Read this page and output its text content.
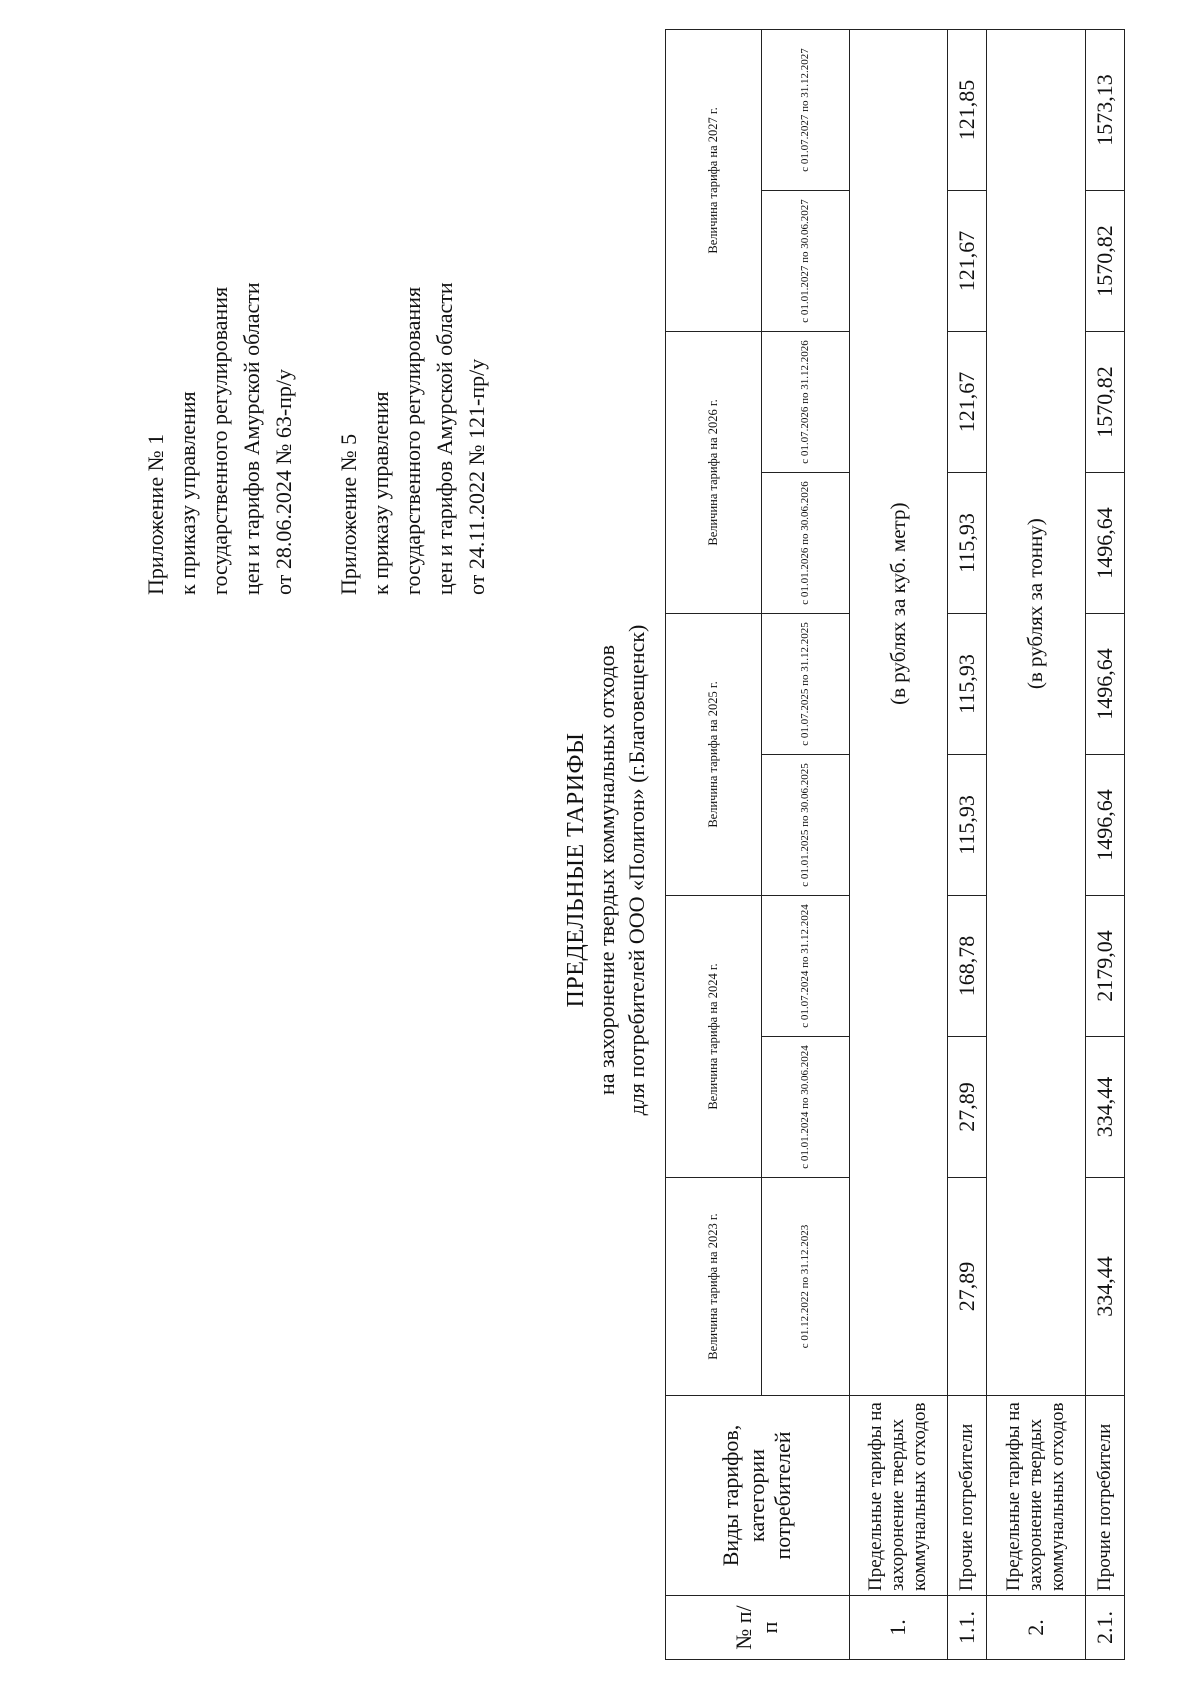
Приложение № 1 к приказу управления государственного регулирования цен и тарифов Амурской области от 28.06.2024 № 63-пр/у Приложение № 5 к приказу управления государственного регулирования цен и тарифов Амурской области от 24.11.2022 № 121-пр/у
ПРЕДЕЛЬНЫЕ ТАРИФЫ на захоронение твердых коммунальных отходов для потребителей ООО «Полигон» (г.Благовещенск)
№ п/п	Виды тарифов, категории потребителей	Величина тарифа на 2023 г.	Величина тарифа на 2024 г.		Величина тарифа на 2025 г.		Величина тарифа на 2026 г.		Величина тарифа на 2027 г.	
		с 01.12.2022 по 31.12.2023	с 01.01.2024 по 30.06.2024	с 01.07.2024 по 31.12.2024	с 01.01.2025 по 30.06.2025	с 01.07.2025 по 31.12.2025	с 01.01.2026 по 30.06.2026	с 01.07.2026 по 31.12.2026	с 01.01.2027 по 30.06.2027	с 01.07.2027 по 31.12.2027
1.	Предельные тарифы на захоронение твердых коммунальных отходов		(в рублях за куб. метр)							
1.1.	Прочие потребители	27,89	27,89	168,78	115,93	115,93	115,93	121,67	121,67	121,85
2.	Предельные тарифы на захоронение твердых коммунальных отходов		(в рублях за тонну)							
2.1.	Прочие потребители	334,44	334,44	2179,04	1496,64	1496,64	1496,64	1570,82	1570,82	1573,13
